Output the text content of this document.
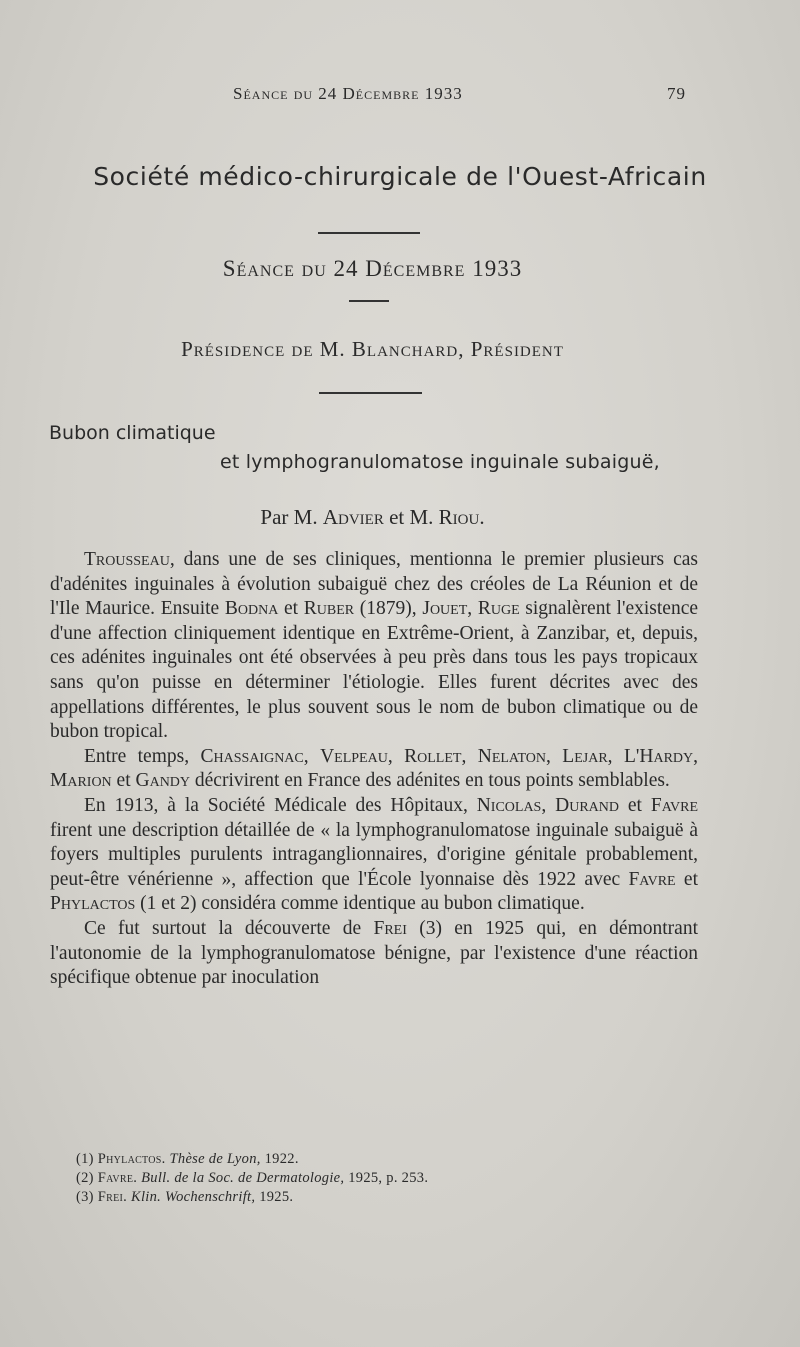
Séance du 24 Décembre 1933	79
Société médico-chirurgicale de l'Ouest-Africain
Séance du 24 Décembre 1933
Présidence de M. Blanchard, Président
Bubon climatique
et lymphogranulomatose inguinale subaiguë,
Par M. Advier et M. Riou.

Trousseau, dans une de ses cliniques, mentionna le premier plusieurs cas d'adénites inguinales à évolution subaiguë chez des créoles de La Réunion et de l'Ile Maurice. Ensuite Bodna et Ruber (1879), Jouet, Ruge signalèrent l'existence d'une affection cliniquement identique en Extrême-Orient, à Zanzibar, et, depuis, ces adénites inguinales ont été observées à peu près dans tous les pays tropicaux sans qu'on puisse en déterminer l'étiologie. Elles furent décrites avec des appellations différentes, le plus souvent sous le nom de bubon climatique ou de bubon tropical.

Entre temps, Chassaignac, Velpeau, Rollet, Nelaton, Lejar, L'Hardy, Marion et Gandy décrivirent en France des adénites en tous points semblables.

En 1913, à la Société Médicale des Hôpitaux, Nicolas, Durand et Favre firent une description détaillée de « la lymphogranulomatose inguinale subaiguë à foyers multiples purulents intraganglionnaires, d'origine génitale probablement, peut-être vénérienne », affection que l'École lyonnaise dès 1922 avec Favre et Phylactos (1 et 2) considéra comme identique au bubon climatique.

Ce fut surtout la découverte de Frei (3) en 1925 qui, en démontrant l'autonomie de la lymphogranulomatose bénigne, par l'existence d'une réaction spécifique obtenue par inoculation

(1) Phylactos. Thèse de Lyon, 1922.
(2) Favre. Bull. de la Soc. de Dermatologie, 1925, p. 253.
(3) Frei. Klin. Wochenschrift, 1925.
